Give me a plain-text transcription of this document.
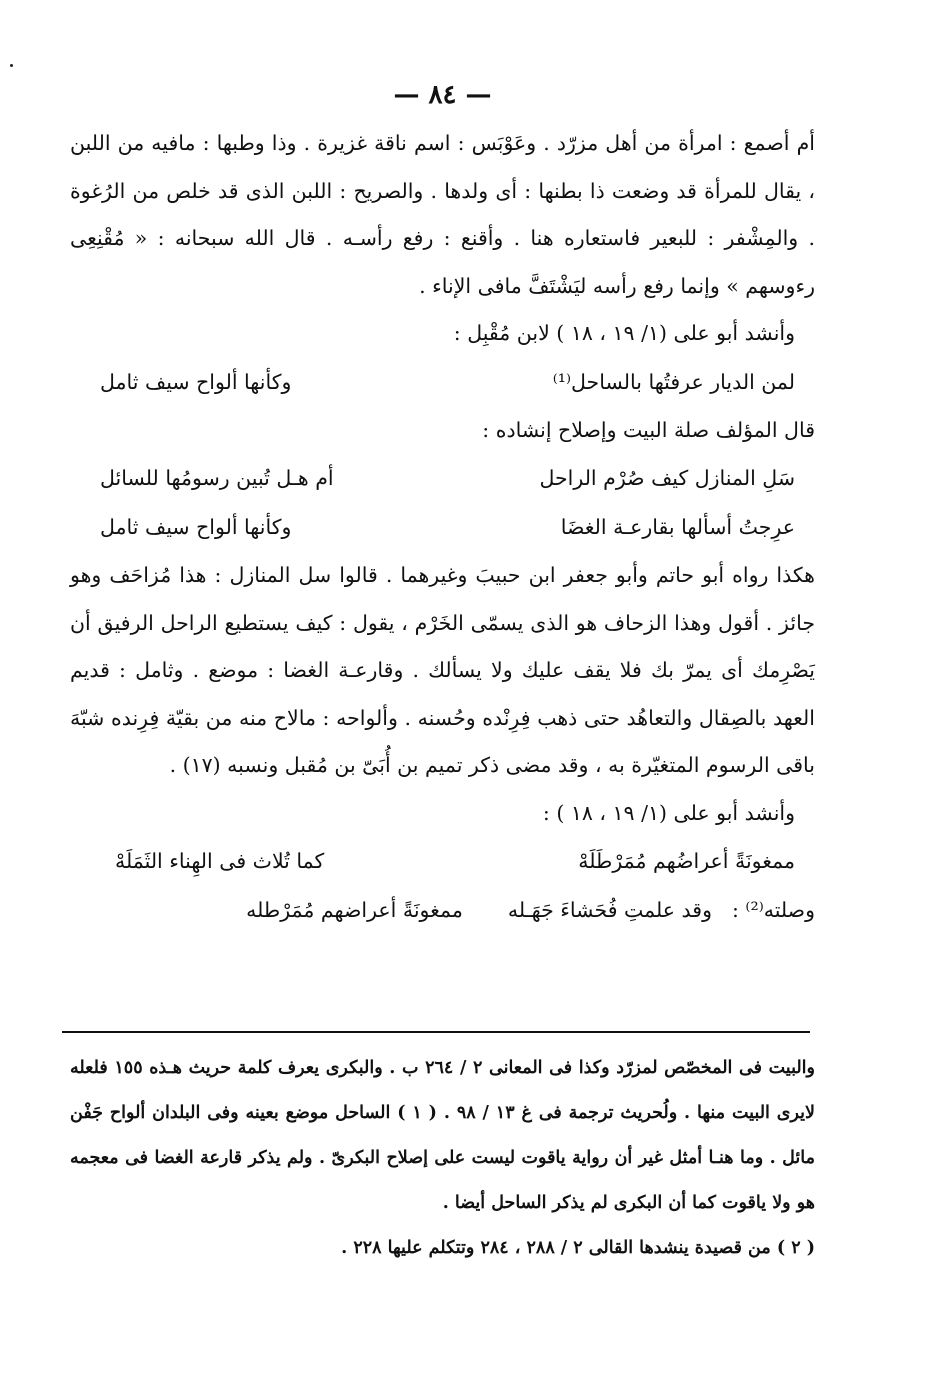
— ٨٤ —

أم أصمع : امرأة من أهل مزرّد . وعَوْبَس : اسم ناقة غزيرة . وذا وطبها : مافيه من اللبن ، يقال للمرأة قد وضعت ذا بطنها : أى ولدها . والصريح : اللبن الذى قد خلص من الرُغوة . والمِشْفر : للبعير فاستعاره هنا . وأقنع : رفع رأسـه . قال الله سبحانه : « مُقْنِعِى رءوسهم » وإنما رفع رأسه ليَشْتَفَّ مافى الإناء .

وأنشد أبو على (١/ ١٩ ، ١٨ ) لابن مُقْبِل :

لمن الديار عرفتُها بالساحل⁽¹⁾
وكأنها ألواح سيف ثامل

قال المؤلف صلة البيت وإصلاح إنشاده :

سَلِ المنازل كيف صُرْم الراحل
أم هـل تُبين رسومُها للسائل
عرِجتُ أسألها بقارعـة الغضَا
وكأنها ألواح سيف ثامل

هكذا رواه أبو حاتم وأبو جعفر ابن حبيبَ وغيرهما . قالوا سل المنازل : هذا مُزاحَف وهو جائز . أقول وهذا الزحاف هو الذى يسمّى الخَرْم ، يقول : كيف يستطيع الراحل الرفيق أن يَصْرِمك أى يمرّ بك فلا يقف عليك ولا يسألك . وقارعـة الغضا : موضع . وثامل : قديم العهد بالصِقال والتعاهُد حتى ذهب فِرِنْده وحُسنه . وألواحه : مالاح منه من بقيّة فِرِنده شبّهَ باقى الرسوم المتغيّرة به ، وقد مضى ذكر تميم بن أُبَىّ بن مُقبل ونسبه (١٧) .

وأنشد أبو على (١/ ١٩ ، ١٨ ) :

ممغونَةً أعراضُهم مُمَرْطَلَهْ
كما تُلاث فى الهِناء الثَمَلَهْ
وصلته⁽²⁾ :
وقد علمتِ فُحَشاءَ جَهَـله
ممغونَةً أعراضهم مُمَرْطله

والبيت فى المخصّص لمزرّد وكذا فى المعانى ٢ / ٢٦٤ ب . والبكرى يعرف كلمة حريث هـذه ١٥٥ فلعله لايرى البيت منها . ولُحريث ترجمة فى غ ١٣ / ٩٨ . ( ١ ) الساحل موضع بعينه وفى البلدان ألواح جَفْن مائل . وما هنـا أمثل غير أن رواية ياقوت ليست على إصلاح البكرىّ . ولم يذكر قارعة الغضا فى معجمه هو ولا ياقوت كما أن البكرى لم يذكر الساحل أيضا .

( ٢ ) من قصيدة ينشدها القالى ٢ / ٢٨٨ ، ٢٨٤ وتتكلم عليها ٢٢٨ .
